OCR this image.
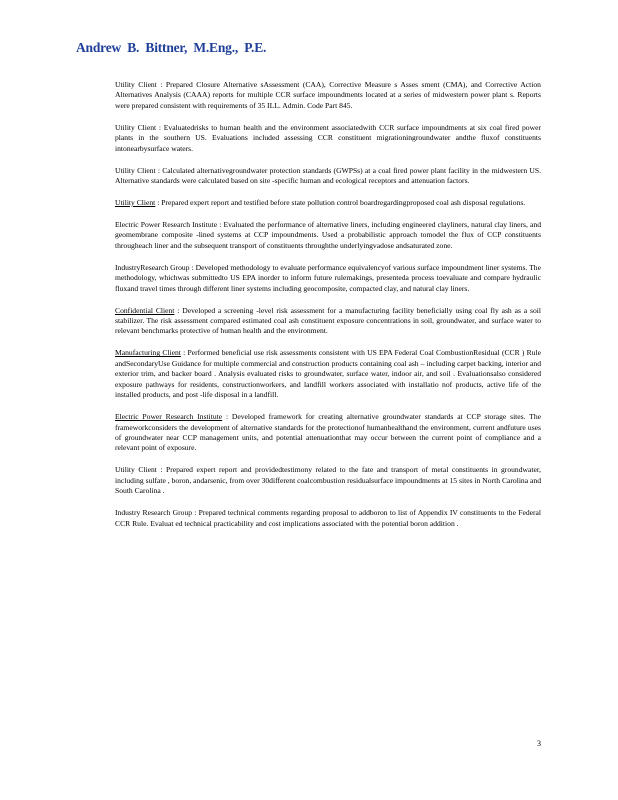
Andrew B. Bittner, M.Eng., P.E.

Utility Client : Prepared Closure Alternative sAssessment (CAA), Corrective Measure s Asses sment (CMA), and Corrective Action Alternatives Analysis (CAAA) reports for multiple CCR surface impoundments located at a series of midwestern power plant s. Reports were prepared consistent with requirements of 35 ILL. Admin. Code Part 845.

Utility Client : Evaluatedrisks to human health and the environment associatedwith CCR surface impoundments at six coal fired power plants in the southern US. Evaluations included assessing CCR constituent migrationingroundwater andthe fluxof constituents intonearbysurface waters.

Utility Client : Calculated alternativegroundwater protection standards (GWPSs) at a coal fired power plant facility in the midwestern US. Alternative standards were calculated based on site -specific human and ecological receptors and attenuation factors.

Utility Client : Prepared expert report and testified before state pollution control boardregardingproposed coal ash disposal regulations.

Electric Power Research Institute : Evaluated the performance of alternative liners, including engineered clayliners, natural clay liners, and geomembrane composite -lined systems at CCP impoundments. Used a probabilistic approach tomodel the flux of CCP constituents througheach liner and the subsequent transport of constituents throughthe underlyingvadose andsaturated zone.

IndustryResearch Group : Developed methodology to evaluate performance equivalencyof various surface impoundment liner systems. The methodology, whichwas submittedto US EPA inorder to inform future rulemakings, presenteda process toevaluate and compare hydraulic fluxand travel times through different liner systems including geocomposite, compacted clay, and natural clay liners.

Confidential Client : Developed a screening -level risk assessment for a manufacturing facility beneficially using coal fly ash as a soil stabilizer. The risk assessment compared estimated coal ash constituent exposure concentrations in soil, groundwater, and surface water to relevant benchmarks protective of human health and the environment.

Manufacturing Client : Performed beneficial use risk assessments consistent with US EPA Federal Coal CombustionResidual (CCR ) Rule andSecondaryUse Guidance for multiple commercial and construction products containing coal ash – including carpet backing, interior and exterior trim, and backer board . Analysis evaluated risks to groundwater, surface water, indoor air, and soil . Evaluationsalso considered exposure pathways for residents, constructionworkers, and landfill workers associated with installatio nof products, active life of the installed products, and post -life disposal in a landfill.

Electric Power Research Institute : Developed framework for creating alternative groundwater standards at CCP storage sites. The frameworkconsiders the development of alternative standards for the protectionof humanhealthand the environment, current andfuture uses of groundwater near CCP management units, and potential attenuationthat may occur between the current point of compliance and a relevant point of exposure.

Utility Client : Prepared expert report and providedtestimony related to the fate and transport of metal constituents in groundwater, including sulfate , boron, andarsenic, from over 30different coalcombustion residualsurface impoundments at 15 sites in North Carolina and South Carolina .

Industry Research Group : Prepared technical comments regarding proposal to addboron to list of Appendix IV constituents to the Federal CCR Rule. Evaluat ed technical practicability and cost implications associated with the potential boron addition .

3
